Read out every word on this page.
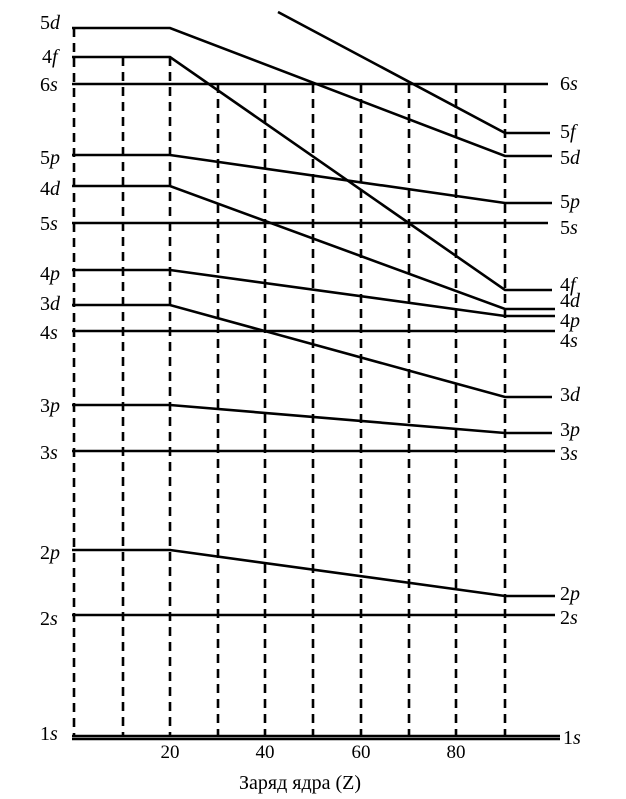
5d
4f
6s
5p
4d
5s
4p
3d
4s
3p
3s
2p
2s
1s
6s
5f
5d
5p
5s
4f
4d
4p
4s
3d
3p
3s
2p
2s
1s
20	40	60	80
Заряд ядра (Z)
